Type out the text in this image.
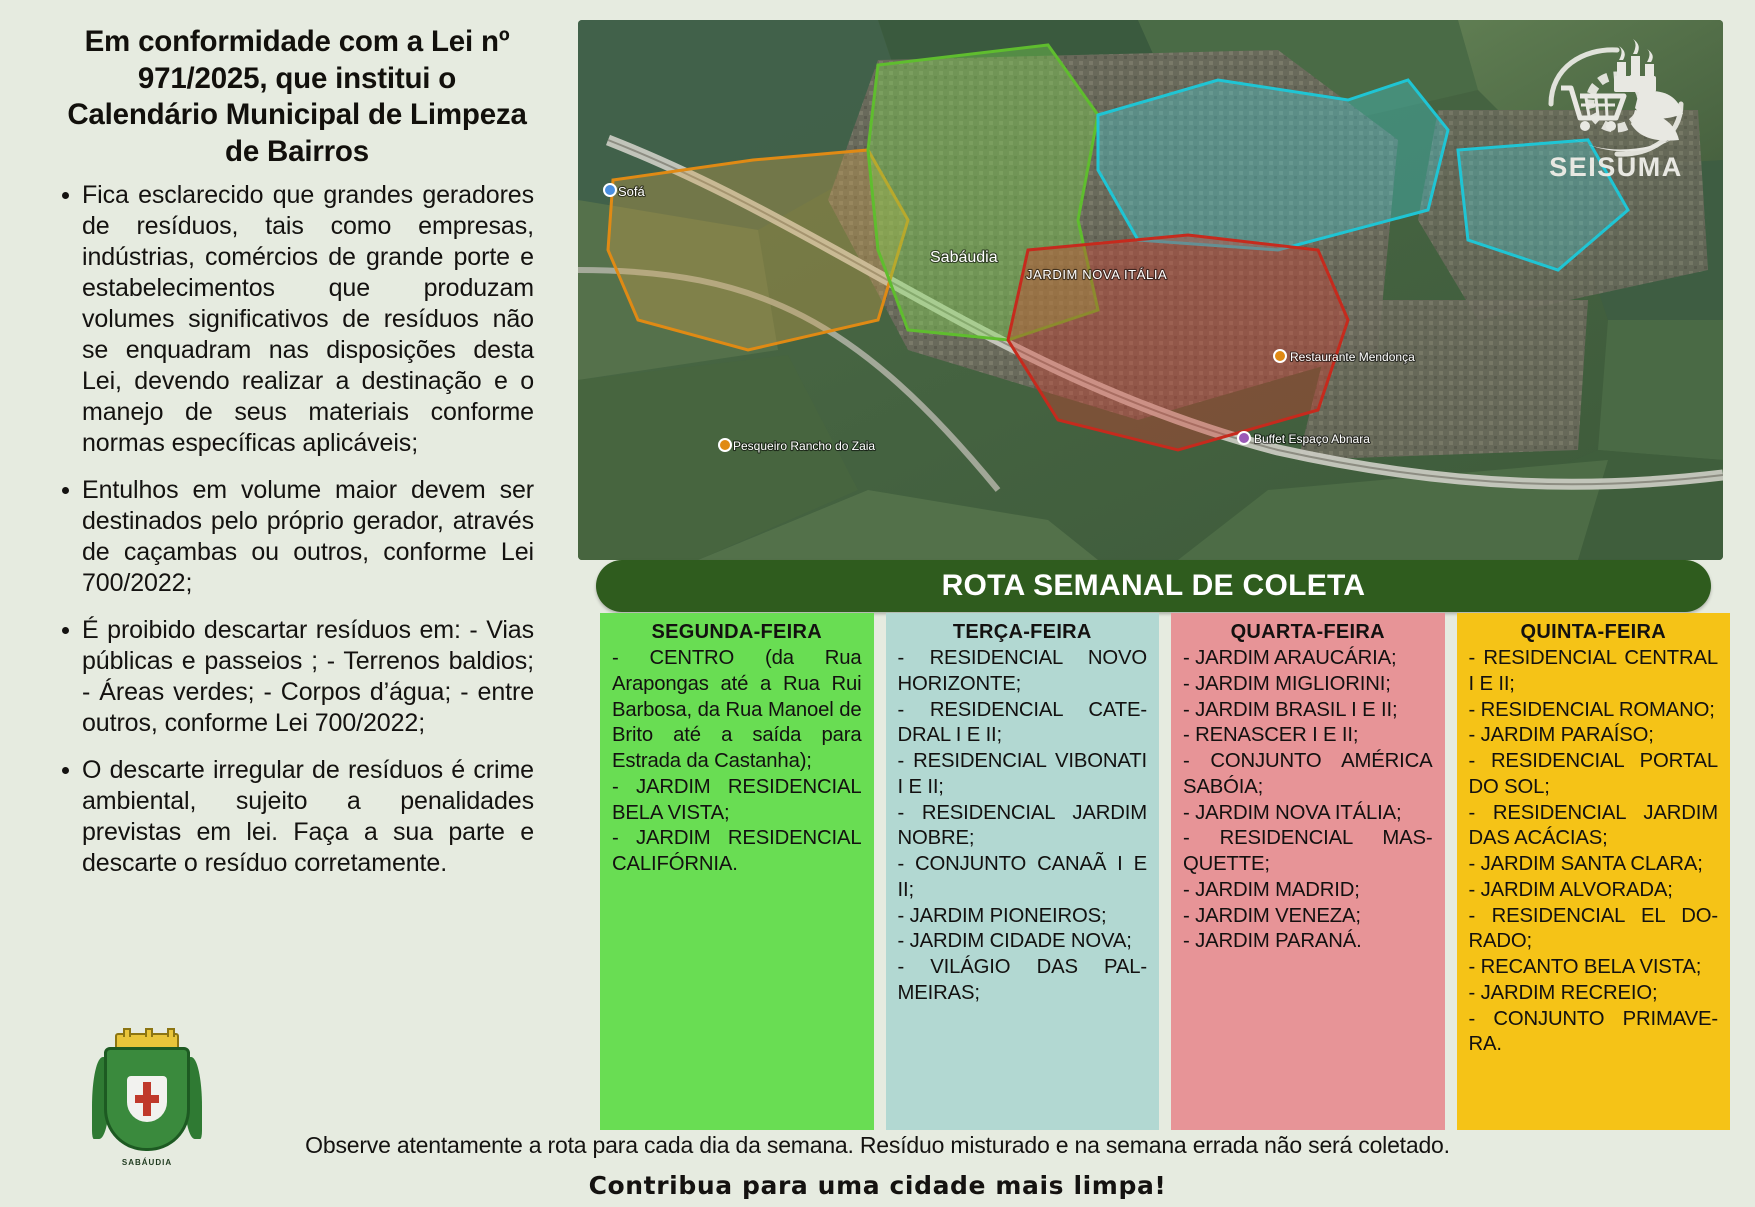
Em conformidade com a Lei nº 971/2025, que institui o Calendário Municipal de Limpeza de Bairros
Fica esclarecido que grandes geradores de resíduos, tais como empresas, indústrias, comércios de grande porte e estabelecimentos que produzam volumes significativos de resíduos não se enquadram nas disposições desta Lei, devendo realizar a destinação e o manejo de seus materiais conforme normas específicas aplicáveis;
Entulhos em volume maior devem ser destinados pelo próprio gerador, através de caçambas ou outros, conforme Lei 700/2022;
É proibido descartar resíduos em: - Vias públicas e passeios ; - Terrenos baldios; - Áreas verdes; - Corpos d’água; - entre outros, conforme Lei 700/2022;
O descarte irregular de resíduos é crime ambiental, sujeito a penalidades previstas em lei. Faça a sua parte e descarte o resíduo corretamente.
SABÁUDIA
Sofá
Sabáudia
JARDIM NOVA ITÁLIA
Restaurante Mendonça
Pesqueiro Rancho do Zaia	Buffet Espaço Abnara
SEISUMA
ROTA SEMANAL DE COLETA
SEGUNDA-FEIRA
- CENTRO (da Rua Arapongas até a Rua Rui Barbosa, da Rua Manoel de Brito até a saída para Estrada da Castanha);
- JARDIM RESIDENCIAL BELA VISTA;
- JARDIM RESIDENCIAL CALIFÓRNIA.
TERÇA-FEIRA
- RESIDENCIAL NOVO HORIZONTE;
- RESIDENCIAL CATE-DRAL I E II;
- RESIDENCIAL VIBONATI I E II;
- RESIDENCIAL JARDIM NOBRE;
- CONJUNTO CANAÃ I E II;
- JARDIM PIONEIROS;
- JARDIM CIDADE NOVA;
- VILÁGIO DAS PAL-MEIRAS;
QUARTA-FEIRA
- JARDIM ARAUCÁRIA;
- JARDIM MIGLIORINI;
- JARDIM BRASIL I E II;
- RENASCER I E II;
- CONJUNTO AMÉRICA SABÓIA;
- JARDIM NOVA ITÁLIA;
- RESIDENCIAL MAS-QUETTE;
- JARDIM MADRID;
- JARDIM VENEZA;
- JARDIM PARANÁ.
QUINTA-FEIRA
- RESIDENCIAL CENTRAL I E II;
- RESIDENCIAL ROMANO;
- JARDIM PARAÍSO;
- RESIDENCIAL PORTAL DO SOL;
- RESIDENCIAL JARDIM DAS ACÁCIAS;
- JARDIM SANTA CLARA;
- JARDIM ALVORADA;
- RESIDENCIAL EL DO-RADO;
- RECANTO BELA VISTA;
- JARDIM RECREIO;
- CONJUNTO PRIMAVE-RA.
Observe atentamente a rota para cada dia da semana. Resíduo misturado e na semana errada não será coletado.
Contribua para uma cidade mais limpa!
